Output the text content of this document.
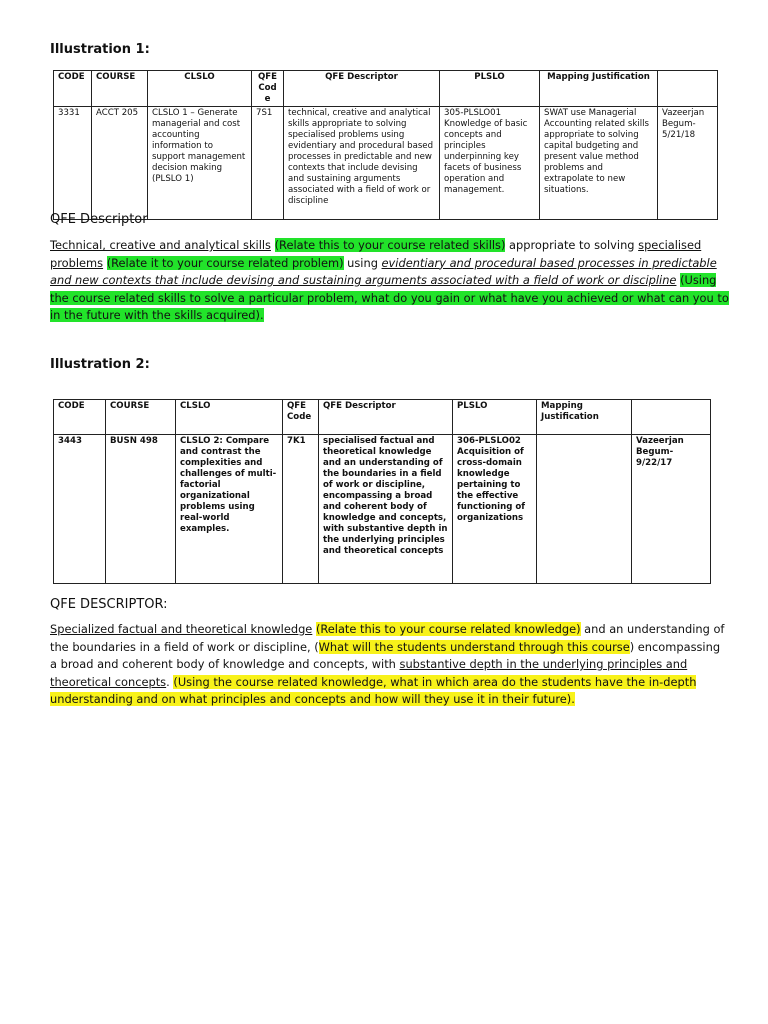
Illustration 1:
CODE	COURSE	CLSLO	QFE Code	QFE Descriptor	PLSLO	Mapping Justification	
3331	ACCT 205	CLSLO 1 – Generate managerial and cost accounting information to support management decision making (PLSLO 1)	7S1	technical, creative and analytical skills appropriate to solving specialised problems using evidentiary and procedural based processes in predictable and new contexts that include devising and sustaining arguments associated with a field of work or discipline	305-PLSLO01 Knowledge of basic concepts and principles underpinning key facets of business operation and management.	SWAT use Managerial Accounting related skills appropriate to solving capital budgeting and present value method problems and extrapolate to new situations.	Vazeerjan Begum- 5/21/18
QFE Descriptor
Technical, creative and analytical skills (Relate this to your course related skills) appropriate to solving specialised problems (Relate it to your course related problem) using evidentiary and procedural based processes in predictable and new contexts that include devising and sustaining arguments associated with a field of work or discipline (Using the course related skills to solve a particular problem, what do you gain or what have you achieved or what can you to in the future with the skills acquired).
Illustration 2:
CODE	COURSE	CLSLO	QFE Code	QFE Descriptor	PLSLO	Mapping Justification	
3443	BUSN 498	CLSLO 2: Compare and contrast the complexities and challenges of multi-factorial organizational problems using real-world examples.	7K1	specialised factual and theoretical knowledge and an understanding of the boundaries in a field of work or discipline, encompassing a broad and coherent body of knowledge and concepts, with substantive depth in the underlying principles and theoretical concepts	306-PLSLO02 Acquisition of cross-domain knowledge pertaining to the effective functioning of organizations		Vazeerjan Begum- 9/22/17
QFE DESCRIPTOR:
Specialized factual and theoretical knowledge (Relate this to your course related knowledge) and an understanding of the boundaries in a field of work or discipline, (What will the students understand through this course) encompassing a broad and coherent body of knowledge and concepts, with substantive depth in the underlying principles and theoretical concepts. (Using the course related knowledge, what in which area do the students have the in-depth understanding and on what principles and concepts and how will they use it in their future).
